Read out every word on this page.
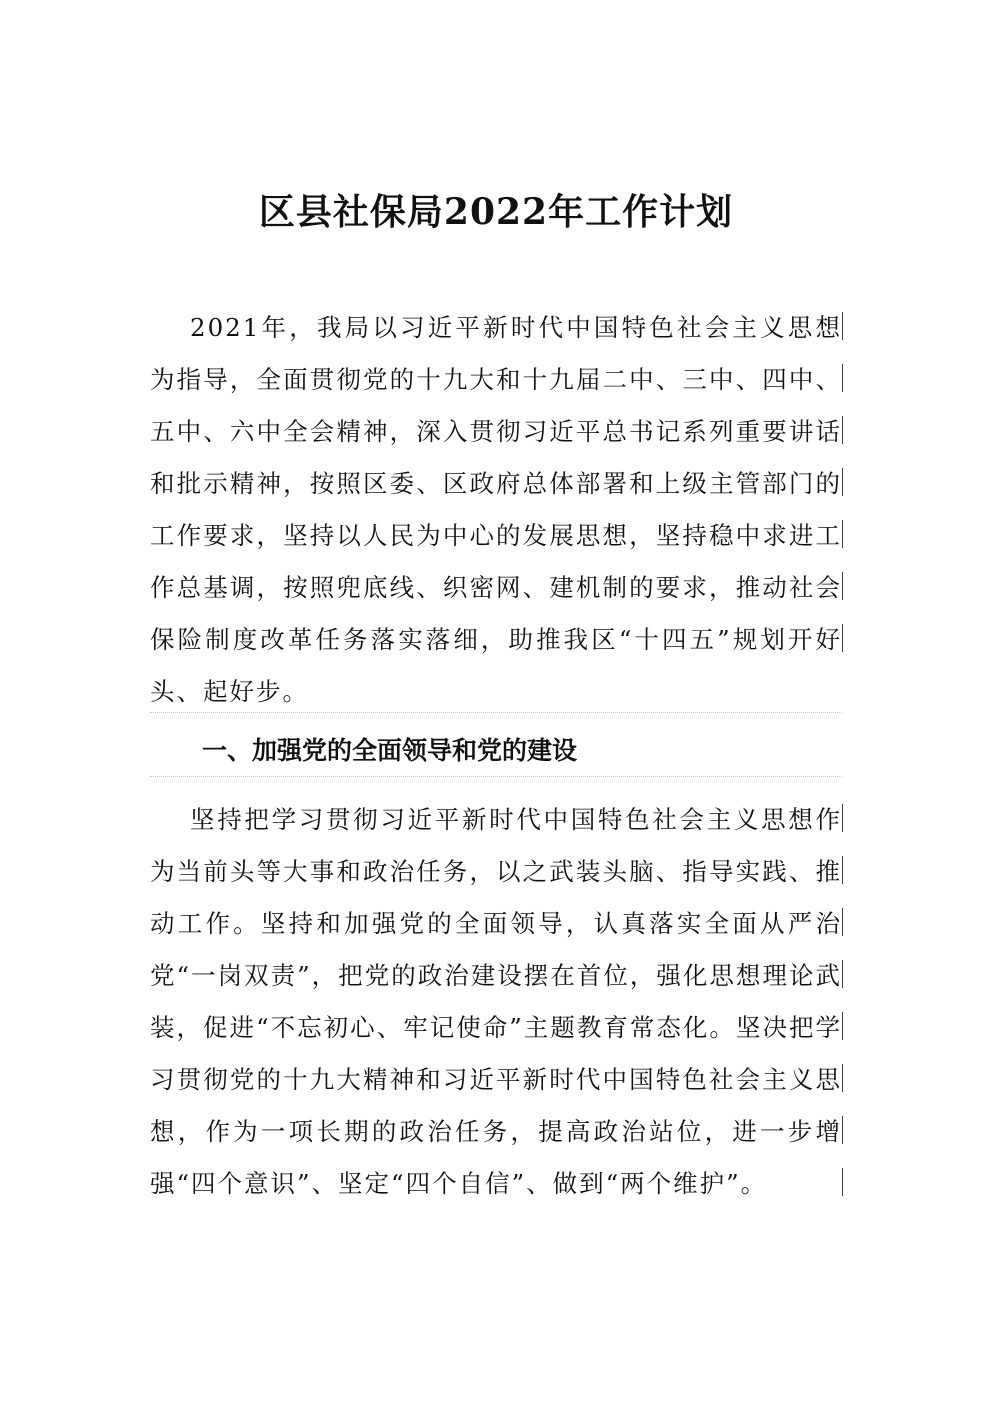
区县社保局2022年工作计划

2021年，我局以习近平新时代中国特色社会主义思想为指导，全面贯彻党的十九大和十九届二中、三中、四中、五中、六中全会精神，深入贯彻习近平总书记系列重要讲话和批示精神，按照区委、区政府总体部署和上级主管部门的工作要求，坚持以人民为中心的发展思想，坚持稳中求进工作总基调，按照兜底线、织密网、建机制的要求，推动社会保险制度改革任务落实落细，助推我区“十四五”规划开好头、起好步。

一、加强党的全面领导和党的建设

坚持把学习贯彻习近平新时代中国特色社会主义思想作为当前头等大事和政治任务，以之武装头脑、指导实践、推动工作。坚持和加强党的全面领导，认真落实全面从严治党“一岗双责”，把党的政治建设摆在首位，强化思想理论武装，促进“不忘初心、牢记使命”主题教育常态化。坚决把学习贯彻党的十九大精神和习近平新时代中国特色社会主义思想，作为一项长期的政治任务，提高政治站位，进一步增强“四个意识”、坚定“四个自信”、做到“两个维护”。
